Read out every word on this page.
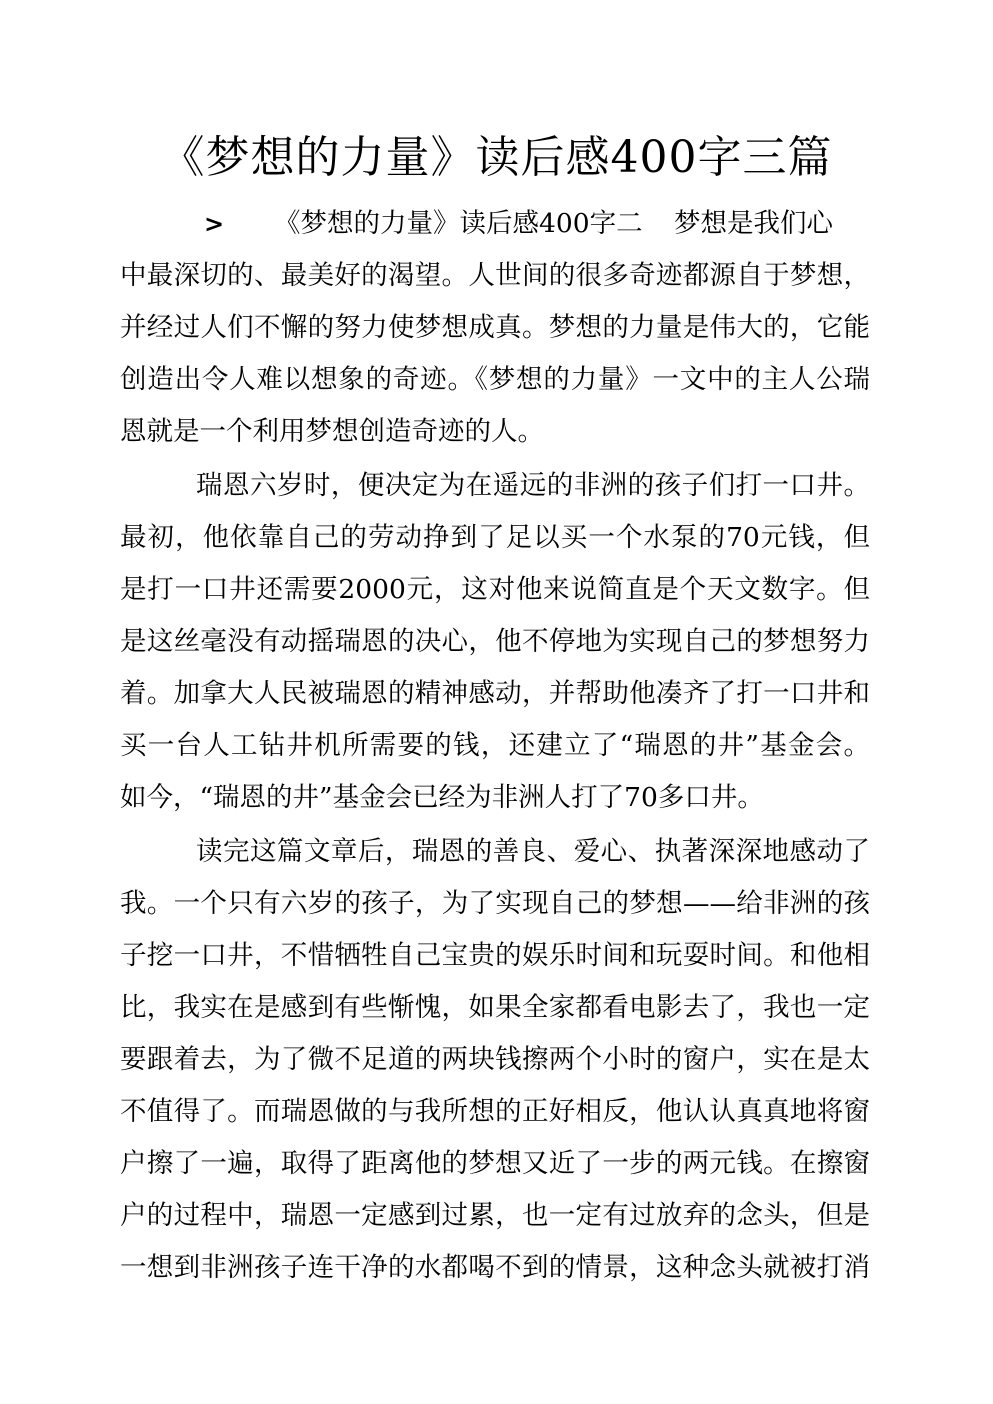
《梦想的力量》读后感400字三篇
> 《梦想的力量》读后感400字二 梦想是我们心
中最深切的、最美好的渴望。人世间的很多奇迹都源自于梦想，
并经过人们不懈的努力使梦想成真。梦想的力量是伟大的，它能
创造出令人难以想象的奇迹。《梦想的力量》一文中的主人公瑞
恩就是一个利用梦想创造奇迹的人。
瑞恩六岁时，便决定为在遥远的非洲的孩子们打一口井。
最初，他依靠自己的劳动挣到了足以买一个水泵的70元钱，但
是打一口井还需要2000元，这对他来说简直是个天文数字。但
是这丝毫没有动摇瑞恩的决心，他不停地为实现自己的梦想努力
着。加拿大人民被瑞恩的精神感动，并帮助他凑齐了打一口井和
买一台人工钻井机所需要的钱，还建立了“瑞恩的井”基金会。
如今，“瑞恩的井”基金会已经为非洲人打了70多口井。
读完这篇文章后，瑞恩的善良、爱心、执著深深地感动了
我。一个只有六岁的孩子，为了实现自己的梦想——给非洲的孩
子挖一口井，不惜牺牲自己宝贵的娱乐时间和玩耍时间。和他相
比，我实在是感到有些惭愧，如果全家都看电影去了，我也一定
要跟着去，为了微不足道的两块钱擦两个小时的窗户，实在是太
不值得了。而瑞恩做的与我所想的正好相反，他认认真真地将窗
户擦了一遍，取得了距离他的梦想又近了一步的两元钱。在擦窗
户的过程中，瑞恩一定感到过累，也一定有过放弃的念头，但是
一想到非洲孩子连干净的水都喝不到的情景，这种念头就被打消
